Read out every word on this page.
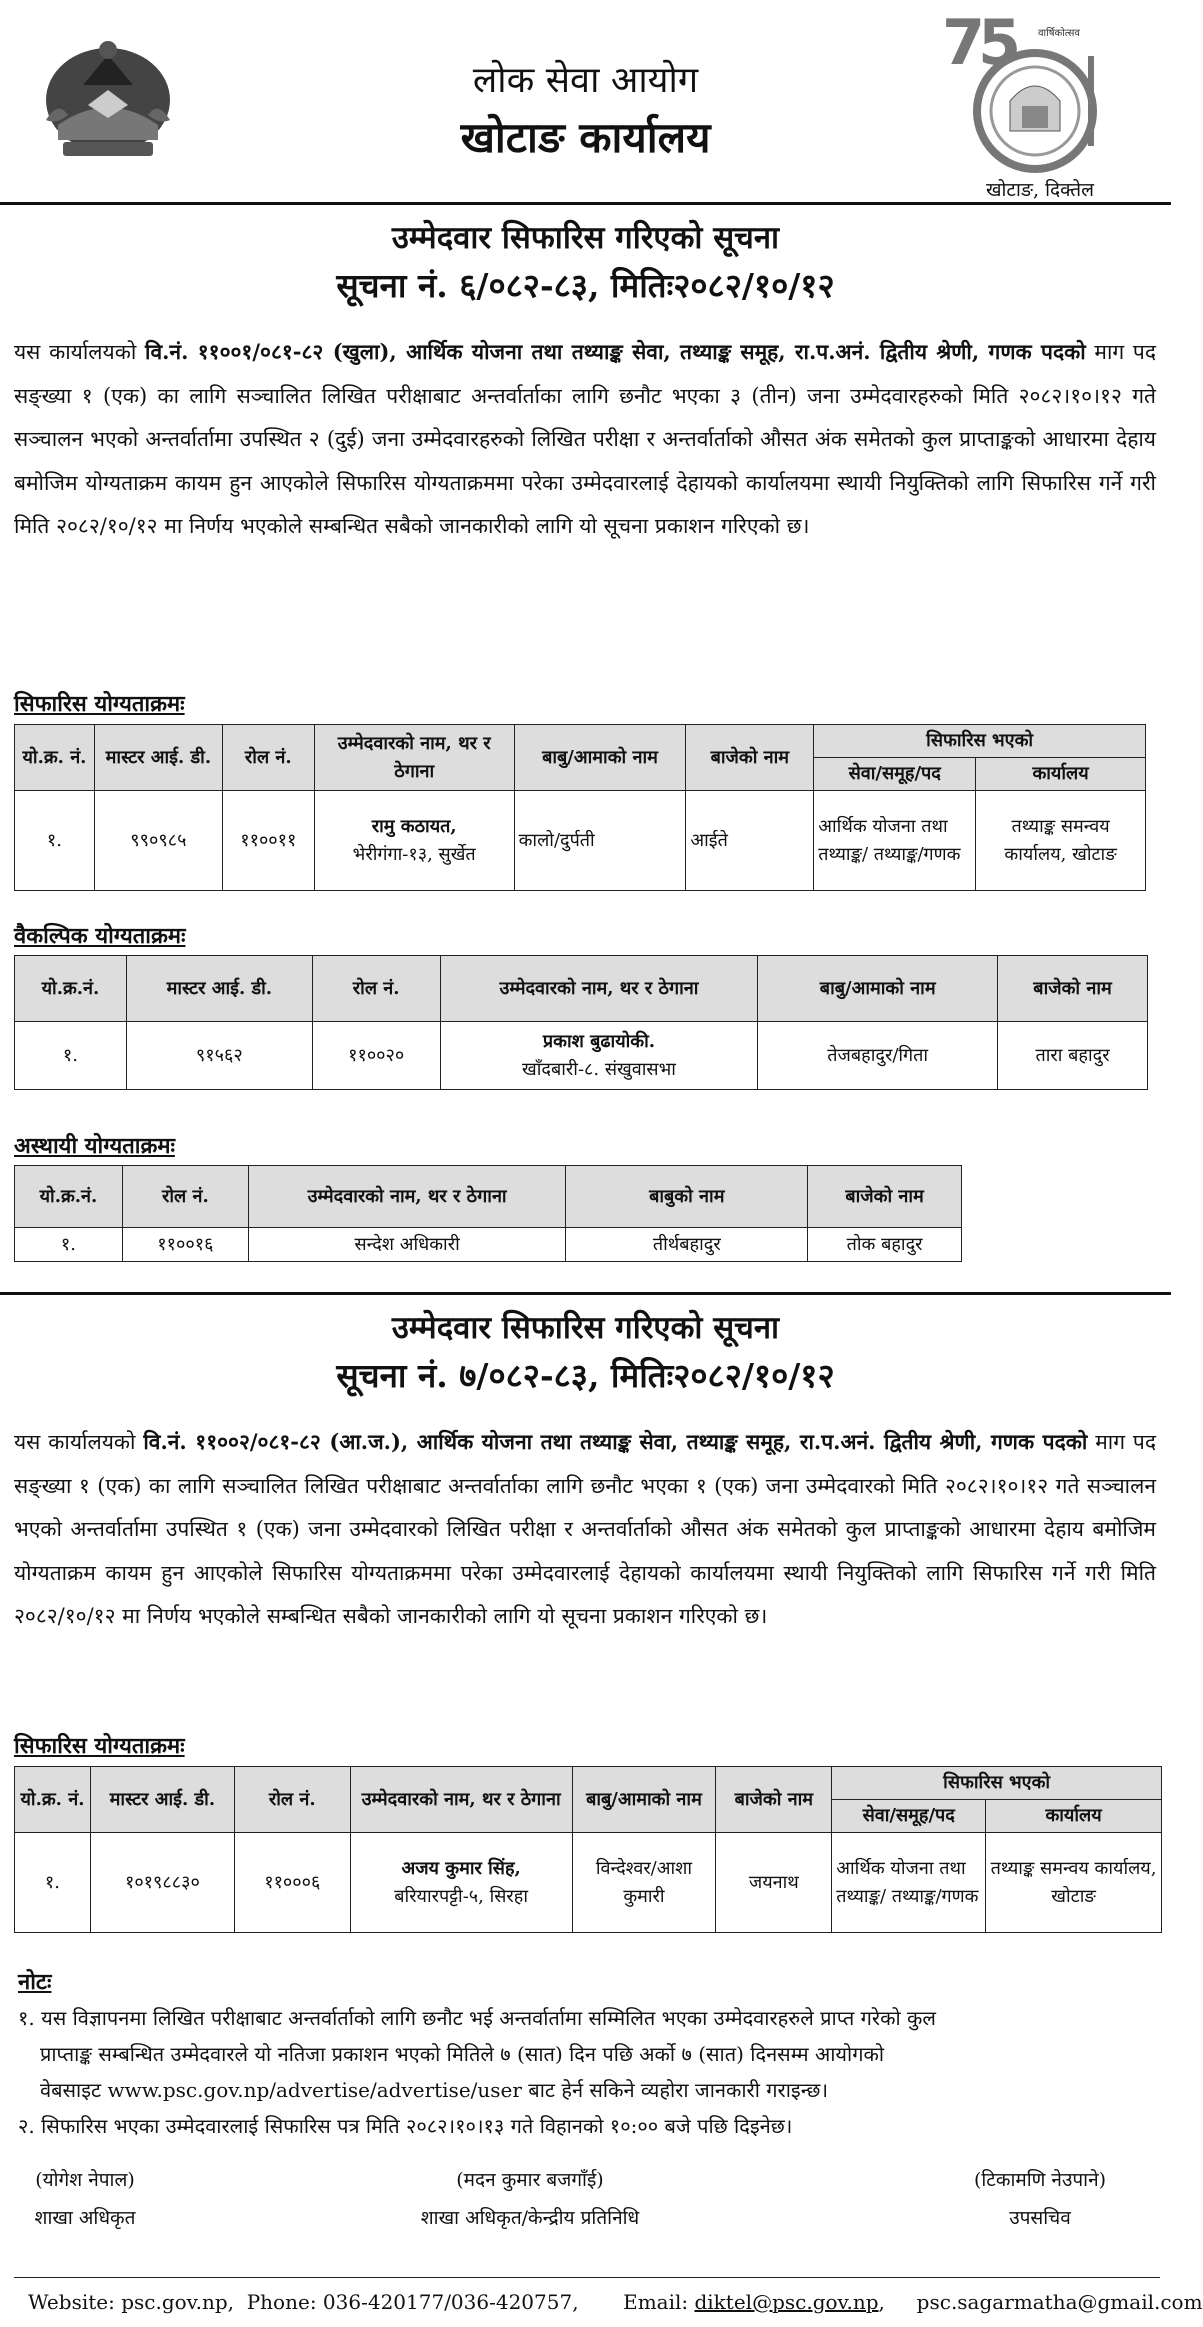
लोक सेवा आयोग
खोटाङ कार्यालय
7
5 वार्षिकोत्सव
खोटाङ, दिक्तेल
उम्मेदवार सिफारिस गरिएको सूचना
सूचना नं. ६/०८२-८३, मितिः२०८२/१०/१२
यस कार्यालयको वि.नं. ११००१/०८१-८२ (खुला), आर्थिक योजना तथा तथ्याङ्क सेवा, तथ्याङ्क समूह, रा.प.अनं. द्वितीय श्रेणी, गणक पदको माग पद सङ्ख्या १ (एक) का लागि सञ्चालित लिखित परीक्षाबाट अन्तर्वार्ताका लागि छनौट भएका ३ (तीन) जना उम्मेदवारहरुको मिति २०८२।१०।१२ गते सञ्चालन भएको अन्तर्वार्तामा उपस्थित २ (दुई) जना उम्मेदवारहरुको लिखित परीक्षा र अन्तर्वार्ताको औसत अंक समेतको कुल प्राप्ताङ्कको आधारमा देहाय बमोजिम योग्यताक्रम कायम हुन आएकोले सिफारिस योग्यताक्रममा परेका उम्मेदवारलाई देहायको कार्यालयमा स्थायी नियुक्तिको लागि सिफारिस गर्ने गरी मिति २०८२/१०/१२ मा निर्णय भएकोले सम्बन्धित सबैको जानकारीको लागि यो सूचना प्रकाशन गरिएको छ।
सिफारिस योग्यताक्रमः
यो.क्र. नं.	मास्टर आई. डी.	रोल नं.	उम्मेदवारको नाम, थर र ठेगाना	बाबु/आमाको नाम	बाजेको नाम	सिफारिस भएको	
						सेवा/समूह/पद	कार्यालय
१.	९९०९८५	११००११	रामु कठायत,
भेरीगंगा-१३, सुर्खेत	कालो/दुर्पती	आईते	आर्थिक योजना तथा तथ्याङ्क/ तथ्याङ्क/गणक	तथ्याङ्क समन्वय कार्यालय, खोटाङ
वैकल्पिक योग्यताक्रमः
यो.क्र.नं.	मास्टर आई. डी.	रोल नं.	उम्मेदवारको नाम, थर र ठेगाना	बाबु/आमाको नाम	बाजेको नाम
१.	९१५६२	११००२०	प्रकाश बुढायोकी.
खाँदबारी-८. संखुवासभा	तेजबहादुर/गिता	तारा बहादुर
अस्थायी योग्यताक्रमः
यो.क्र.नं.	रोल नं.	उम्मेदवारको नाम, थर र ठेगाना	बाबुको नाम	बाजेको नाम
१.	११००१६	सन्देश अधिकारी	तीर्थबहादुर	तोक बहादुर
उम्मेदवार सिफारिस गरिएको सूचना
सूचना नं. ७/०८२-८३, मितिः२०८२/१०/१२
यस कार्यालयको वि.नं. ११००२/०८१-८२ (आ.ज.), आर्थिक योजना तथा तथ्याङ्क सेवा, तथ्याङ्क समूह, रा.प.अनं. द्वितीय श्रेणी, गणक पदको माग पद सङ्ख्या १ (एक) का लागि सञ्चालित लिखित परीक्षाबाट अन्तर्वार्ताका लागि छनौट भएका १ (एक) जना उम्मेदवारको मिति २०८२।१०।१२ गते सञ्चालन भएको अन्तर्वार्तामा उपस्थित १ (एक) जना उम्मेदवारको लिखित परीक्षा र अन्तर्वार्ताको औसत अंक समेतको कुल प्राप्ताङ्कको आधारमा देहाय बमोजिम योग्यताक्रम कायम हुन आएकोले सिफारिस योग्यताक्रममा परेका उम्मेदवारलाई देहायको कार्यालयमा स्थायी नियुक्तिको लागि सिफारिस गर्ने गरी मिति २०८२/१०/१२ मा निर्णय भएकोले सम्बन्धित सबैको जानकारीको लागि यो सूचना प्रकाशन गरिएको छ।
सिफारिस योग्यताक्रमः
यो.क्र. नं.	मास्टर आई. डी.	रोल नं.	उम्मेदवारको नाम, थर र ठेगाना	बाबु/आमाको नाम	बाजेको नाम	सिफारिस भएको	
						सेवा/समूह/पद	कार्यालय
१.	१०१९८८३०	११०००६	अजय कुमार सिंह,
बरियारपट्टी-५, सिरहा	विन्देश्वर/आशा कुमारी	जयनाथ	आर्थिक योजना तथा तथ्याङ्क/ तथ्याङ्क/गणक	तथ्याङ्क समन्वय कार्यालय, खोटाङ
नोटः
१. यस विज्ञापनमा लिखित परीक्षाबाट अन्तर्वार्ताको लागि छनौट भई अन्तर्वार्तामा सम्मिलित भएका उम्मेदवारहरुले प्राप्त गरेको कुल
प्राप्ताङ्क सम्बन्धित उम्मेदवारले यो नतिजा प्रकाशन भएको मितिले ७ (सात) दिन पछि अर्को ७ (सात) दिनसम्म आयोगको
वेबसाइट www.psc.gov.np/advertise/advertise/user बाट हेर्न सकिने व्यहोरा जानकारी गराइन्छ।
२. सिफारिस भएका उम्मेदवारलाई सिफारिस पत्र मिति २०८२।१०।१३ गते विहानको १०:०० बजे पछि दिइनेछ।
(योगेश नेपाल)
शाखा अधिकृत
(मदन कुमार बजगाँई)
शाखा अधिकृत/केन्द्रीय प्रतिनिधि
(टिकामणि नेउपाने)
उपसचिव
Website: psc.gov.np, Phone: 036-420177/036-420757, Email: diktel@psc.gov.np, psc.sagarmatha@gmail.com
